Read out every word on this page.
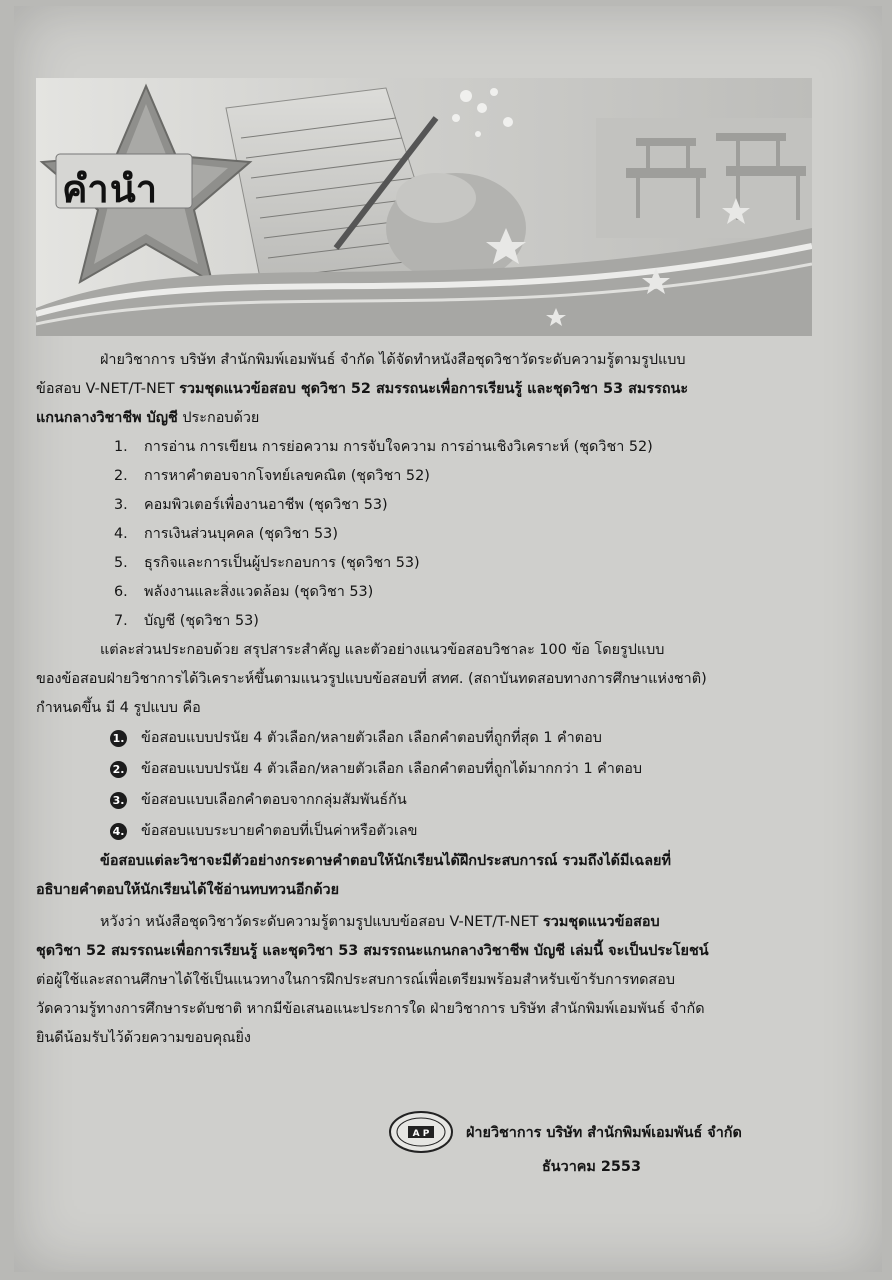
คำนำ

ฝ่ายวิชาการ บริษัท สำนักพิมพ์เอมพันธ์ จำกัด ได้จัดทำหนังสือชุดวิชาวัดระดับความรู้ตามรูปแบบ

ข้อสอบ V-NET/T-NET รวมชุดแนวข้อสอบ ชุดวิชา 52 สมรรถนะเพื่อการเรียนรู้ และชุดวิชา 53 สมรรถนะ

แกนกลางวิชาชีพ บัญชี ประกอบด้วย

1.	การอ่าน การเขียน การย่อความ การจับใจความ การอ่านเชิงวิเคราะห์ (ชุดวิชา 52)
2.	การหาคำตอบจากโจทย์เลขคณิต (ชุดวิชา 52)
3.	คอมพิวเตอร์เพื่องานอาชีพ (ชุดวิชา 53)
4.	การเงินส่วนบุคคล (ชุดวิชา 53)
5.	ธุรกิจและการเป็นผู้ประกอบการ (ชุดวิชา 53)
6.	พลังงานและสิ่งแวดล้อม (ชุดวิชา 53)
7.	บัญชี (ชุดวิชา 53)

แต่ละส่วนประกอบด้วย สรุปสาระสำคัญ และตัวอย่างแนวข้อสอบวิชาละ 100 ข้อ โดยรูปแบบ

ของข้อสอบฝ่ายวิชาการได้วิเคราะห์ขึ้นตามแนวรูปแบบข้อสอบที่ สทศ. (สถาบันทดสอบทางการศึกษาแห่งชาติ)

กำหนดขึ้น มี 4 รูปแบบ คือ

1. ข้อสอบแบบปรนัย 4 ตัวเลือก/หลายตัวเลือก เลือกคำตอบที่ถูกที่สุด 1 คำตอบ
2. ข้อสอบแบบปรนัย 4 ตัวเลือก/หลายตัวเลือก เลือกคำตอบที่ถูกได้มากกว่า 1 คำตอบ
3. ข้อสอบแบบเลือกคำตอบจากกลุ่มสัมพันธ์กัน
4. ข้อสอบแบบระบายคำตอบที่เป็นค่าหรือตัวเลข

ข้อสอบแต่ละวิชาจะมีตัวอย่างกระดาษคำตอบให้นักเรียนได้ฝึกประสบการณ์ รวมถึงได้มีเฉลยที่

อธิบายคำตอบให้นักเรียนได้ใช้อ่านทบทวนอีกด้วย

หวังว่า หนังสือชุดวิชาวัดระดับความรู้ตามรูปแบบข้อสอบ V-NET/T-NET รวมชุดแนวข้อสอบ

ชุดวิชา 52 สมรรถนะเพื่อการเรียนรู้ และชุดวิชา 53 สมรรถนะแกนกลางวิชาชีพ บัญชี เล่มนี้ จะเป็นประโยชน์

ต่อผู้ใช้และสถานศึกษาได้ใช้เป็นแนวทางในการฝึกประสบการณ์เพื่อเตรียมพร้อมสำหรับเข้ารับการทดสอบ

วัดความรู้ทางการศึกษาระดับชาติ หากมีข้อเสนอแนะประการใด ฝ่ายวิชาการ บริษัท สำนักพิมพ์เอมพันธ์ จำกัด

ยินดีน้อมรับไว้ด้วยความขอบคุณยิ่ง

A P	ฝ่ายวิชาการ บริษัท สำนักพิมพ์เอมพันธ์ จำกัด
ธันวาคม 2553
